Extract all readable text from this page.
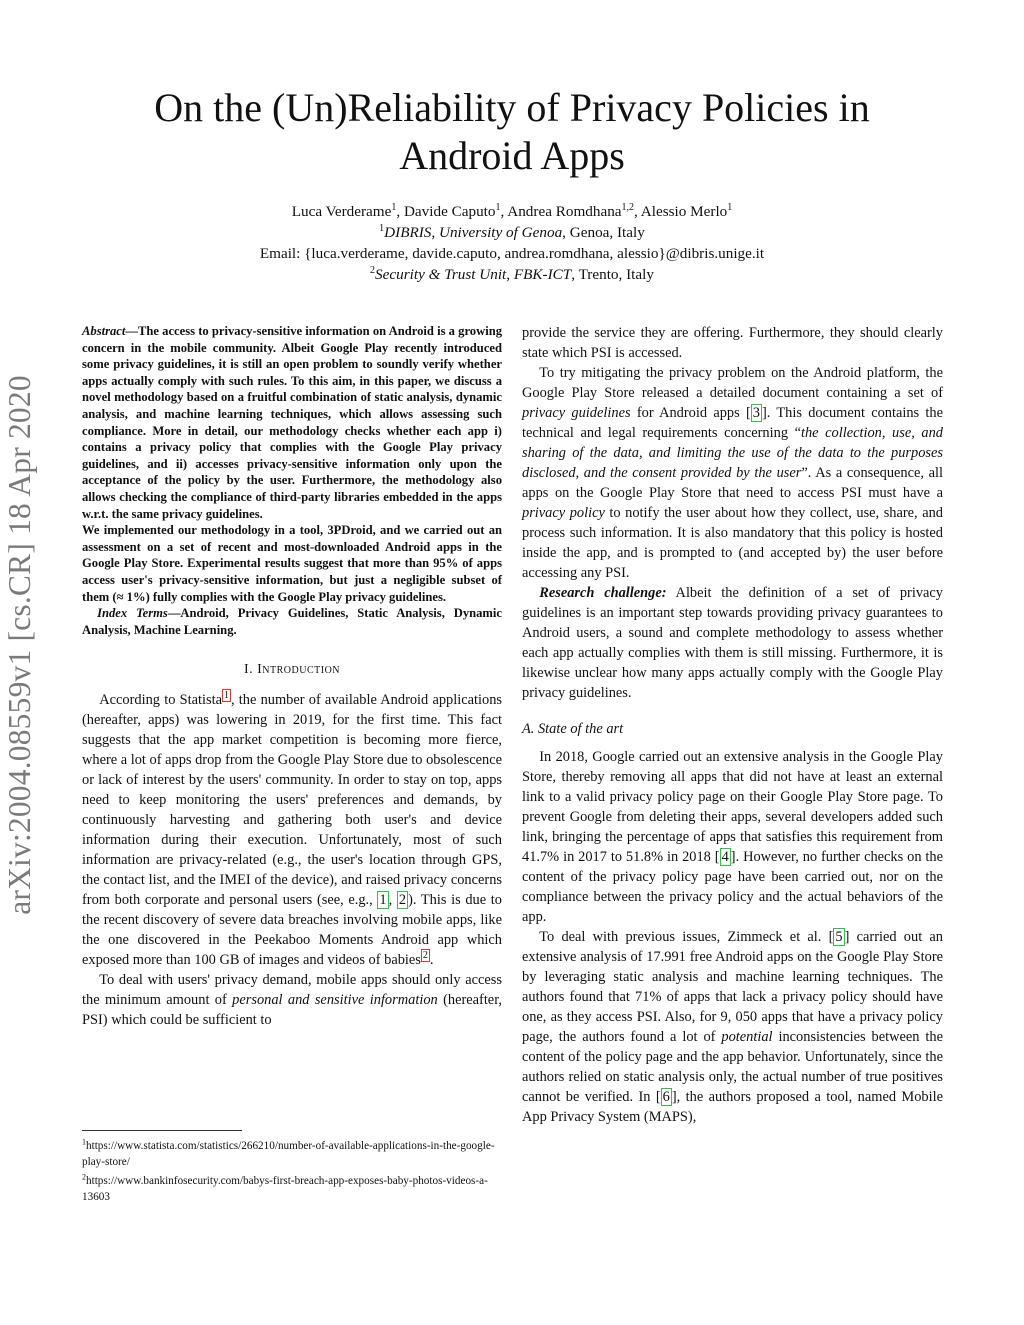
arXiv:2004.08559v1 [cs.CR] 18 Apr 2020
On the (Un)Reliability of Privacy Policies in Android Apps
Luca Verderame$^1$, Davide Caputo$^1$, Andrea Romdhana$^{1,2}$, Alessio Merlo$^1$
$^1$DIBRIS, University of Genoa, Genoa, Italy
Email: {luca.verderame, davide.caputo, andrea.romdhana, alessio}@dibris.unige.it
$^2$Security & Trust Unit, FBK-ICT, Trento, Italy

Abstract—The access to privacy-sensitive information on Android is a growing concern in the mobile community. Albeit Google Play recently introduced some privacy guidelines, it is still an open problem to soundly verify whether apps actually comply with such rules. To this aim, in this paper, we discuss a novel methodology based on a fruitful combination of static analysis, dynamic analysis, and machine learning techniques, which allows assessing such compliance. More in detail, our methodology checks whether each app i) contains a privacy policy that complies with the Google Play privacy guidelines, and ii) accesses privacy-sensitive information only upon the acceptance of the policy by the user. Furthermore, the methodology also allows checking the compliance of third-party libraries embedded in the apps w.r.t. the same privacy guidelines.

We implemented our methodology in a tool, 3PDroid, and we carried out an assessment on a set of recent and most-downloaded Android apps in the Google Play Store. Experimental results suggest that more than 95% of apps access user's privacy-sensitive information, but just a negligible subset of them (≈ 1%) fully complies with the Google Play privacy guidelines.

Index Terms—Android, Privacy Guidelines, Static Analysis, Dynamic Analysis, Machine Learning.

I. Introduction

According to Statista $^1$ , the number of available Android applications (hereafter, apps) was lowering in 2019, for the first time. This fact suggests that the app market competition is becoming more fierce, where a lot of apps drop from the Google Play Store due to obsolescence or lack of interest by the users' community. In order to stay on top, apps need to keep monitoring the users' preferences and demands, by continuously harvesting and gathering both user's and device information during their execution. Unfortunately, most of such information are privacy-related (e.g., the user's location through GPS, the contact list, and the IMEI of the device), and raised privacy concerns from both corporate and personal users (see, e.g., 1 , 2 ). This is due to the recent discovery of severe data breaches involving mobile apps, like the one discovered in the Peekaboo Moments Android app which exposed more than 100 GB of images and videos of babies $^2$ .

To deal with users' privacy demand, mobile apps should only access the minimum amount of personal and sensitive information (hereafter, PSI) which could be sufficient to

$^1$https://www.statista.com/statistics/266210/number-of-available-applications-in-the-google-play-store/

$^2$https://www.bankinfosecurity.com/babys-first-breach-app-exposes-baby-photos-videos-a-13603

provide the service they are offering. Furthermore, they should clearly state which PSI is accessed.

To try mitigating the privacy problem on the Android platform, the Google Play Store released a detailed document containing a set of privacy guidelines for Android apps [ 3 ]. This document contains the technical and legal requirements concerning “the collection, use, and sharing of the data, and limiting the use of the data to the purposes disclosed, and the consent provided by the user”. As a consequence, all apps on the Google Play Store that need to access PSI must have a privacy policy to notify the user about how they collect, use, share, and process such information. It is also mandatory that this policy is hosted inside the app, and is prompted to (and accepted by) the user before accessing any PSI.

Research challenge: Albeit the definition of a set of privacy guidelines is an important step towards providing privacy guarantees to Android users, a sound and complete methodology to assess whether each app actually complies with them is still missing. Furthermore, it is likewise unclear how many apps actually comply with the Google Play privacy guidelines.

A. State of the art

In 2018, Google carried out an extensive analysis in the Google Play Store, thereby removing all apps that did not have at least an external link to a valid privacy policy page on their Google Play Store page. To prevent Google from deleting their apps, several developers added such link, bringing the percentage of apps that satisfies this requirement from 41.7% in 2017 to 51.8% in 2018 [ 4 ]. However, no further checks on the content of the privacy policy page have been carried out, nor on the compliance between the privacy policy and the actual behaviors of the app.

To deal with previous issues, Zimmeck et al. [ 5 ] carried out an extensive analysis of 17.991 free Android apps on the Google Play Store by leveraging static analysis and machine learning techniques. The authors found that 71% of apps that lack a privacy policy should have one, as they access PSI. Also, for 9, 050 apps that have a privacy policy page, the authors found a lot of potential inconsistencies between the content of the policy page and the app behavior. Unfortunately, since the authors relied on static analysis only, the actual number of true positives cannot be verified. In [ 6 ], the authors proposed a tool, named Mobile App Privacy System (MAPS),
